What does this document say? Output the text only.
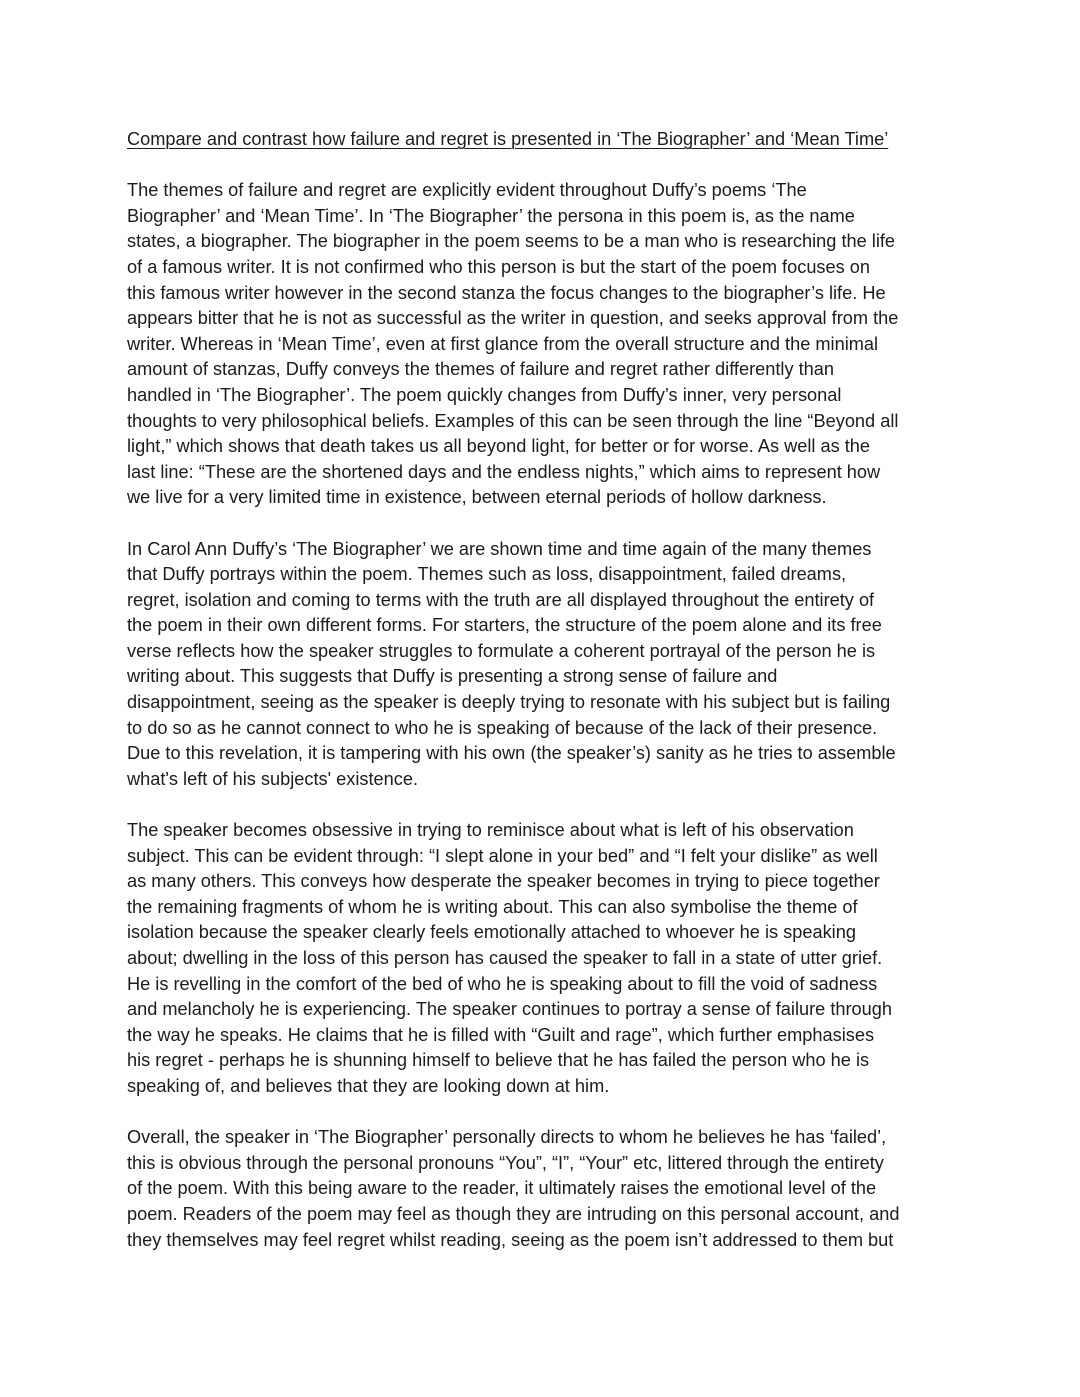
Compare and contrast how failure and regret is presented in ‘The Biographer’ and ‘Mean Time’
The themes of failure and regret are explicitly evident throughout Duffy’s poems ‘The
Biographer’ and ‘Mean Time’. In ‘The Biographer’ the persona in this poem is, as the name
states, a biographer. The biographer in the poem seems to be a man who is researching the life
of a famous writer. It is not confirmed who this person is but the start of the poem focuses on
this famous writer however in the second stanza the focus changes to the biographer’s life. He
appears bitter that he is not as successful as the writer in question, and seeks approval from the
writer. Whereas in ‘Mean Time’, even at first glance from the overall structure and the minimal
amount of stanzas, Duffy conveys the themes of failure and regret rather differently than
handled in ‘The Biographer’. The poem quickly changes from Duffy’s inner, very personal
thoughts to very philosophical beliefs. Examples of this can be seen through the line “Beyond all
light,” which shows that death takes us all beyond light, for better or for worse. As well as the
last line: “These are the shortened days and the endless nights,” which aims to represent how
we live for a very limited time in existence, between eternal periods of hollow darkness.
In Carol Ann Duffy’s ‘The Biographer’ we are shown time and time again of the many themes
that Duffy portrays within the poem. Themes such as loss, disappointment, failed dreams,
regret, isolation and coming to terms with the truth are all displayed throughout the entirety of
the poem in their own different forms. For starters, the structure of the poem alone and its free
verse reflects how the speaker struggles to formulate a coherent portrayal of the person he is
writing about. This suggests that Duffy is presenting a strong sense of failure and
disappointment, seeing as the speaker is deeply trying to resonate with his subject but is failing
to do so as he cannot connect to who he is speaking of because of the lack of their presence.
Due to this revelation, it is tampering with his own (the speaker’s) sanity as he tries to assemble
what's left of his subjects' existence.
The speaker becomes obsessive in trying to reminisce about what is left of his observation
subject. This can be evident through: “I slept alone in your bed” and “I felt your dislike” as well
as many others. This conveys how desperate the speaker becomes in trying to piece together
the remaining fragments of whom he is writing about. This can also symbolise the theme of
isolation because the speaker clearly feels emotionally attached to whoever he is speaking
about; dwelling in the loss of this person has caused the speaker to fall in a state of utter grief.
He is revelling in the comfort of the bed of who he is speaking about to fill the void of sadness
and melancholy he is experiencing. The speaker continues to portray a sense of failure through
the way he speaks. He claims that he is filled with “Guilt and rage”, which further emphasises
his regret - perhaps he is shunning himself to believe that he has failed the person who he is
speaking of, and believes that they are looking down at him.
Overall, the speaker in ‘The Biographer’ personally directs to whom he believes he has ‘failed’,
this is obvious through the personal pronouns “You”, “I”, “Your” etc, littered through the entirety
of the poem. With this being aware to the reader, it ultimately raises the emotional level of the
poem. Readers of the poem may feel as though they are intruding on this personal account, and
they themselves may feel regret whilst reading, seeing as the poem isn’t addressed to them but
